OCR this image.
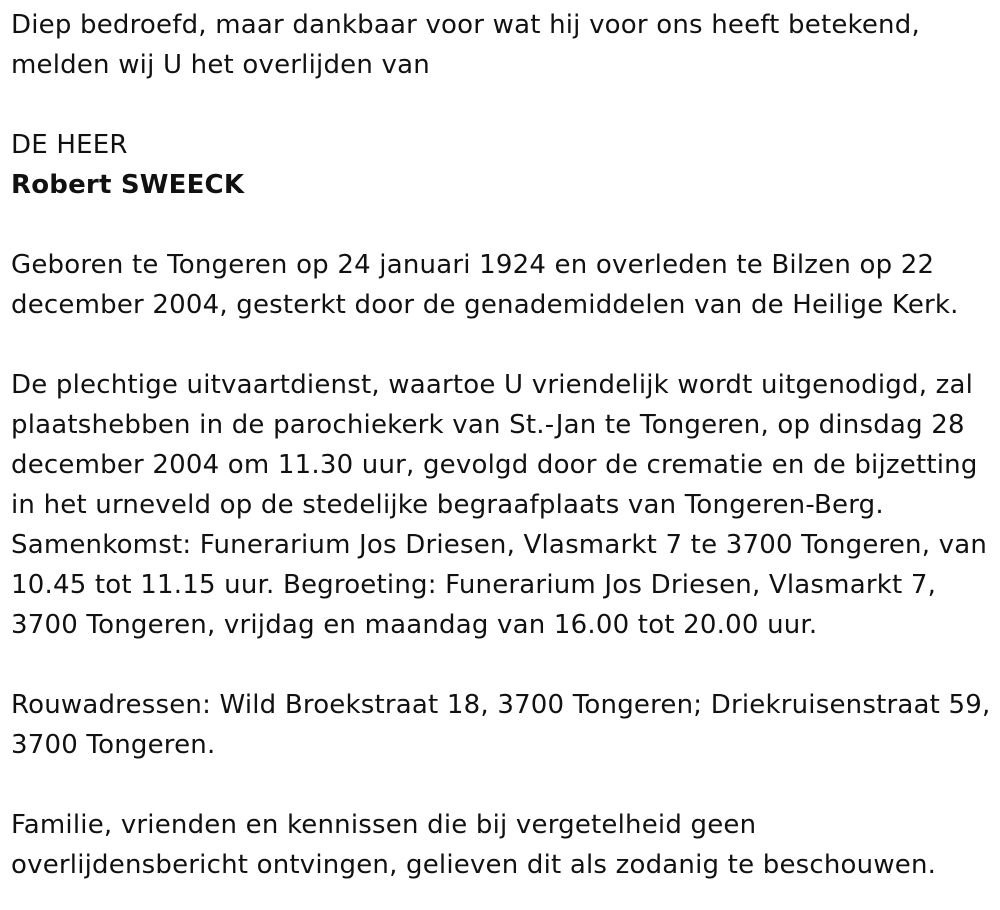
Diep bedroefd, maar dankbaar voor wat hij voor ons heeft betekend,
melden wij U het overlijden van

DE HEER
Robert SWEECK

Geboren te Tongeren op 24 januari 1924 en overleden te Bilzen op 22
december 2004, gesterkt door de genademiddelen van de Heilige Kerk.

De plechtige uitvaartdienst, waartoe U vriendelijk wordt uitgenodigd, zal
plaatshebben in de parochiekerk van St.-Jan te Tongeren, op dinsdag 28
december 2004 om 11.30 uur, gevolgd door de crematie en de bijzetting
in het urneveld op de stedelijke begraafplaats van Tongeren-Berg.
Samenkomst: Funerarium Jos Driesen, Vlasmarkt 7 te 3700 Tongeren, van
10.45 tot 11.15 uur. Begroeting: Funerarium Jos Driesen, Vlasmarkt 7,
3700 Tongeren, vrijdag en maandag van 16.00 tot 20.00 uur.

Rouwadressen: Wild Broekstraat 18, 3700 Tongeren; Driekruisenstraat 59,
3700 Tongeren.

Familie, vrienden en kennissen die bij vergetelheid geen
overlijdensbericht ontvingen, gelieven dit als zodanig te beschouwen.
